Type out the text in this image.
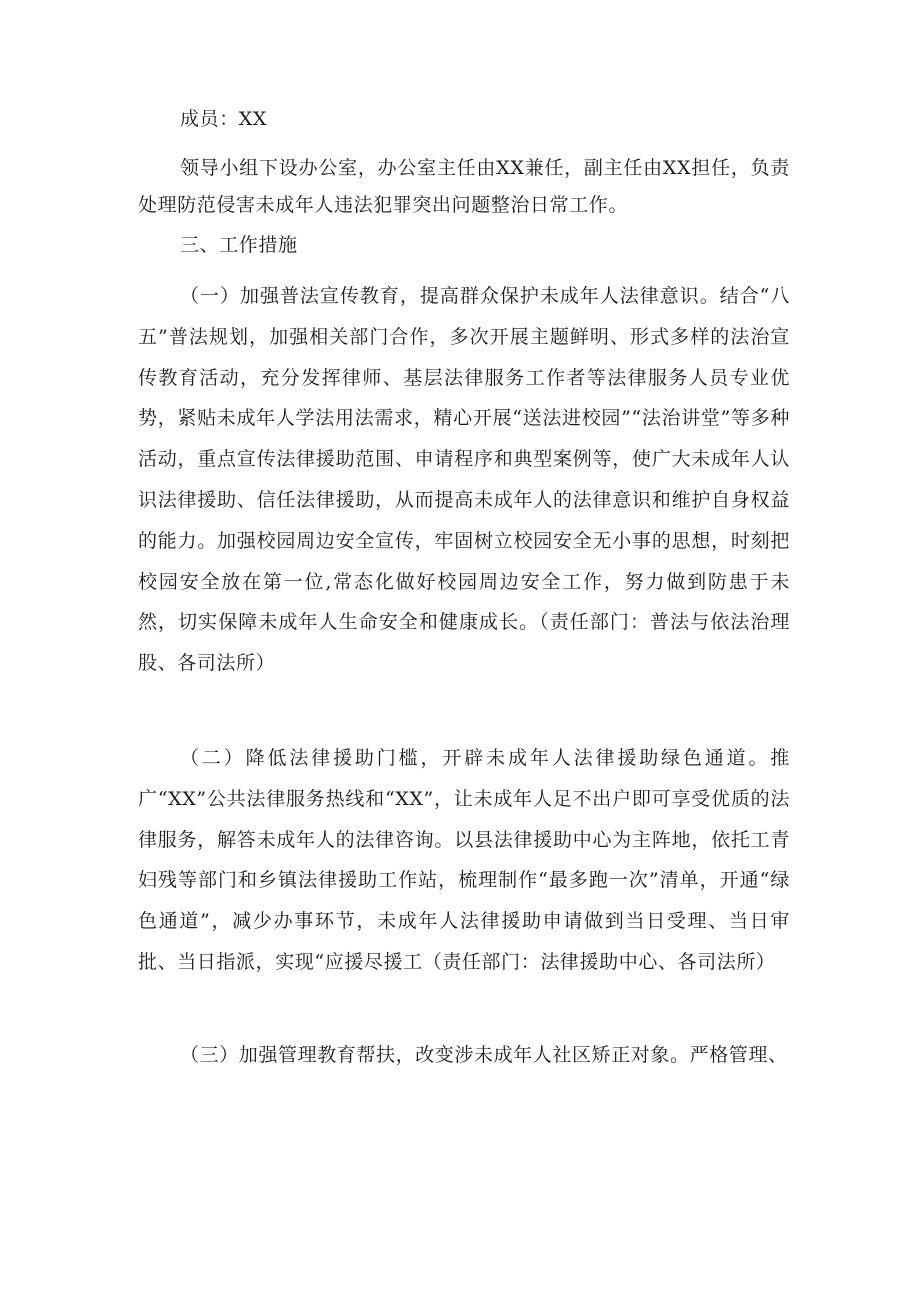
成员：XX

领导小组下设办公室，办公室主任由XX兼任，副主任由XX担任，负责处理防范侵害未成年人违法犯罪突出问题整治日常工作。

三、工作措施

（一）加强普法宣传教育，提高群众保护未成年人法律意识。结合“八五”普法规划，加强相关部门合作，多次开展主题鲜明、形式多样的法治宣传教育活动，充分发挥律师、基层法律服务工作者等法律服务人员专业优势，紧贴未成年人学法用法需求，精心开展“送法进校园”“法治讲堂”等多种活动，重点宣传法律援助范围、申请程序和典型案例等，使广大未成年人认识法律援助、信任法律援助，从而提高未成年人的法律意识和维护自身权益的能力。加强校园周边安全宣传，牢固树立校园安全无小事的思想，时刻把校园安全放在第一位,常态化做好校园周边安全工作，努力做到防患于未然，切实保障未成年人生命安全和健康成长。（责任部门：普法与依法治理股、各司法所）

（二）降低法律援助门槛，开辟未成年人法律援助绿色通道。推广“XX”公共法律服务热线和“XX”，让未成年人足不出户即可享受优质的法律服务，解答未成年人的法律咨询。以县法律援助中心为主阵地，依托工青妇残等部门和乡镇法律援助工作站，梳理制作“最多跑一次”清单，开通“绿色通道”，减少办事环节，未成年人法律援助申请做到当日受理、当日审批、当日指派，实现“应援尽援工（责任部门：法律援助中心、各司法所）

（三）加强管理教育帮扶，改变涉未成年人社区矫正对象。严格管理、
